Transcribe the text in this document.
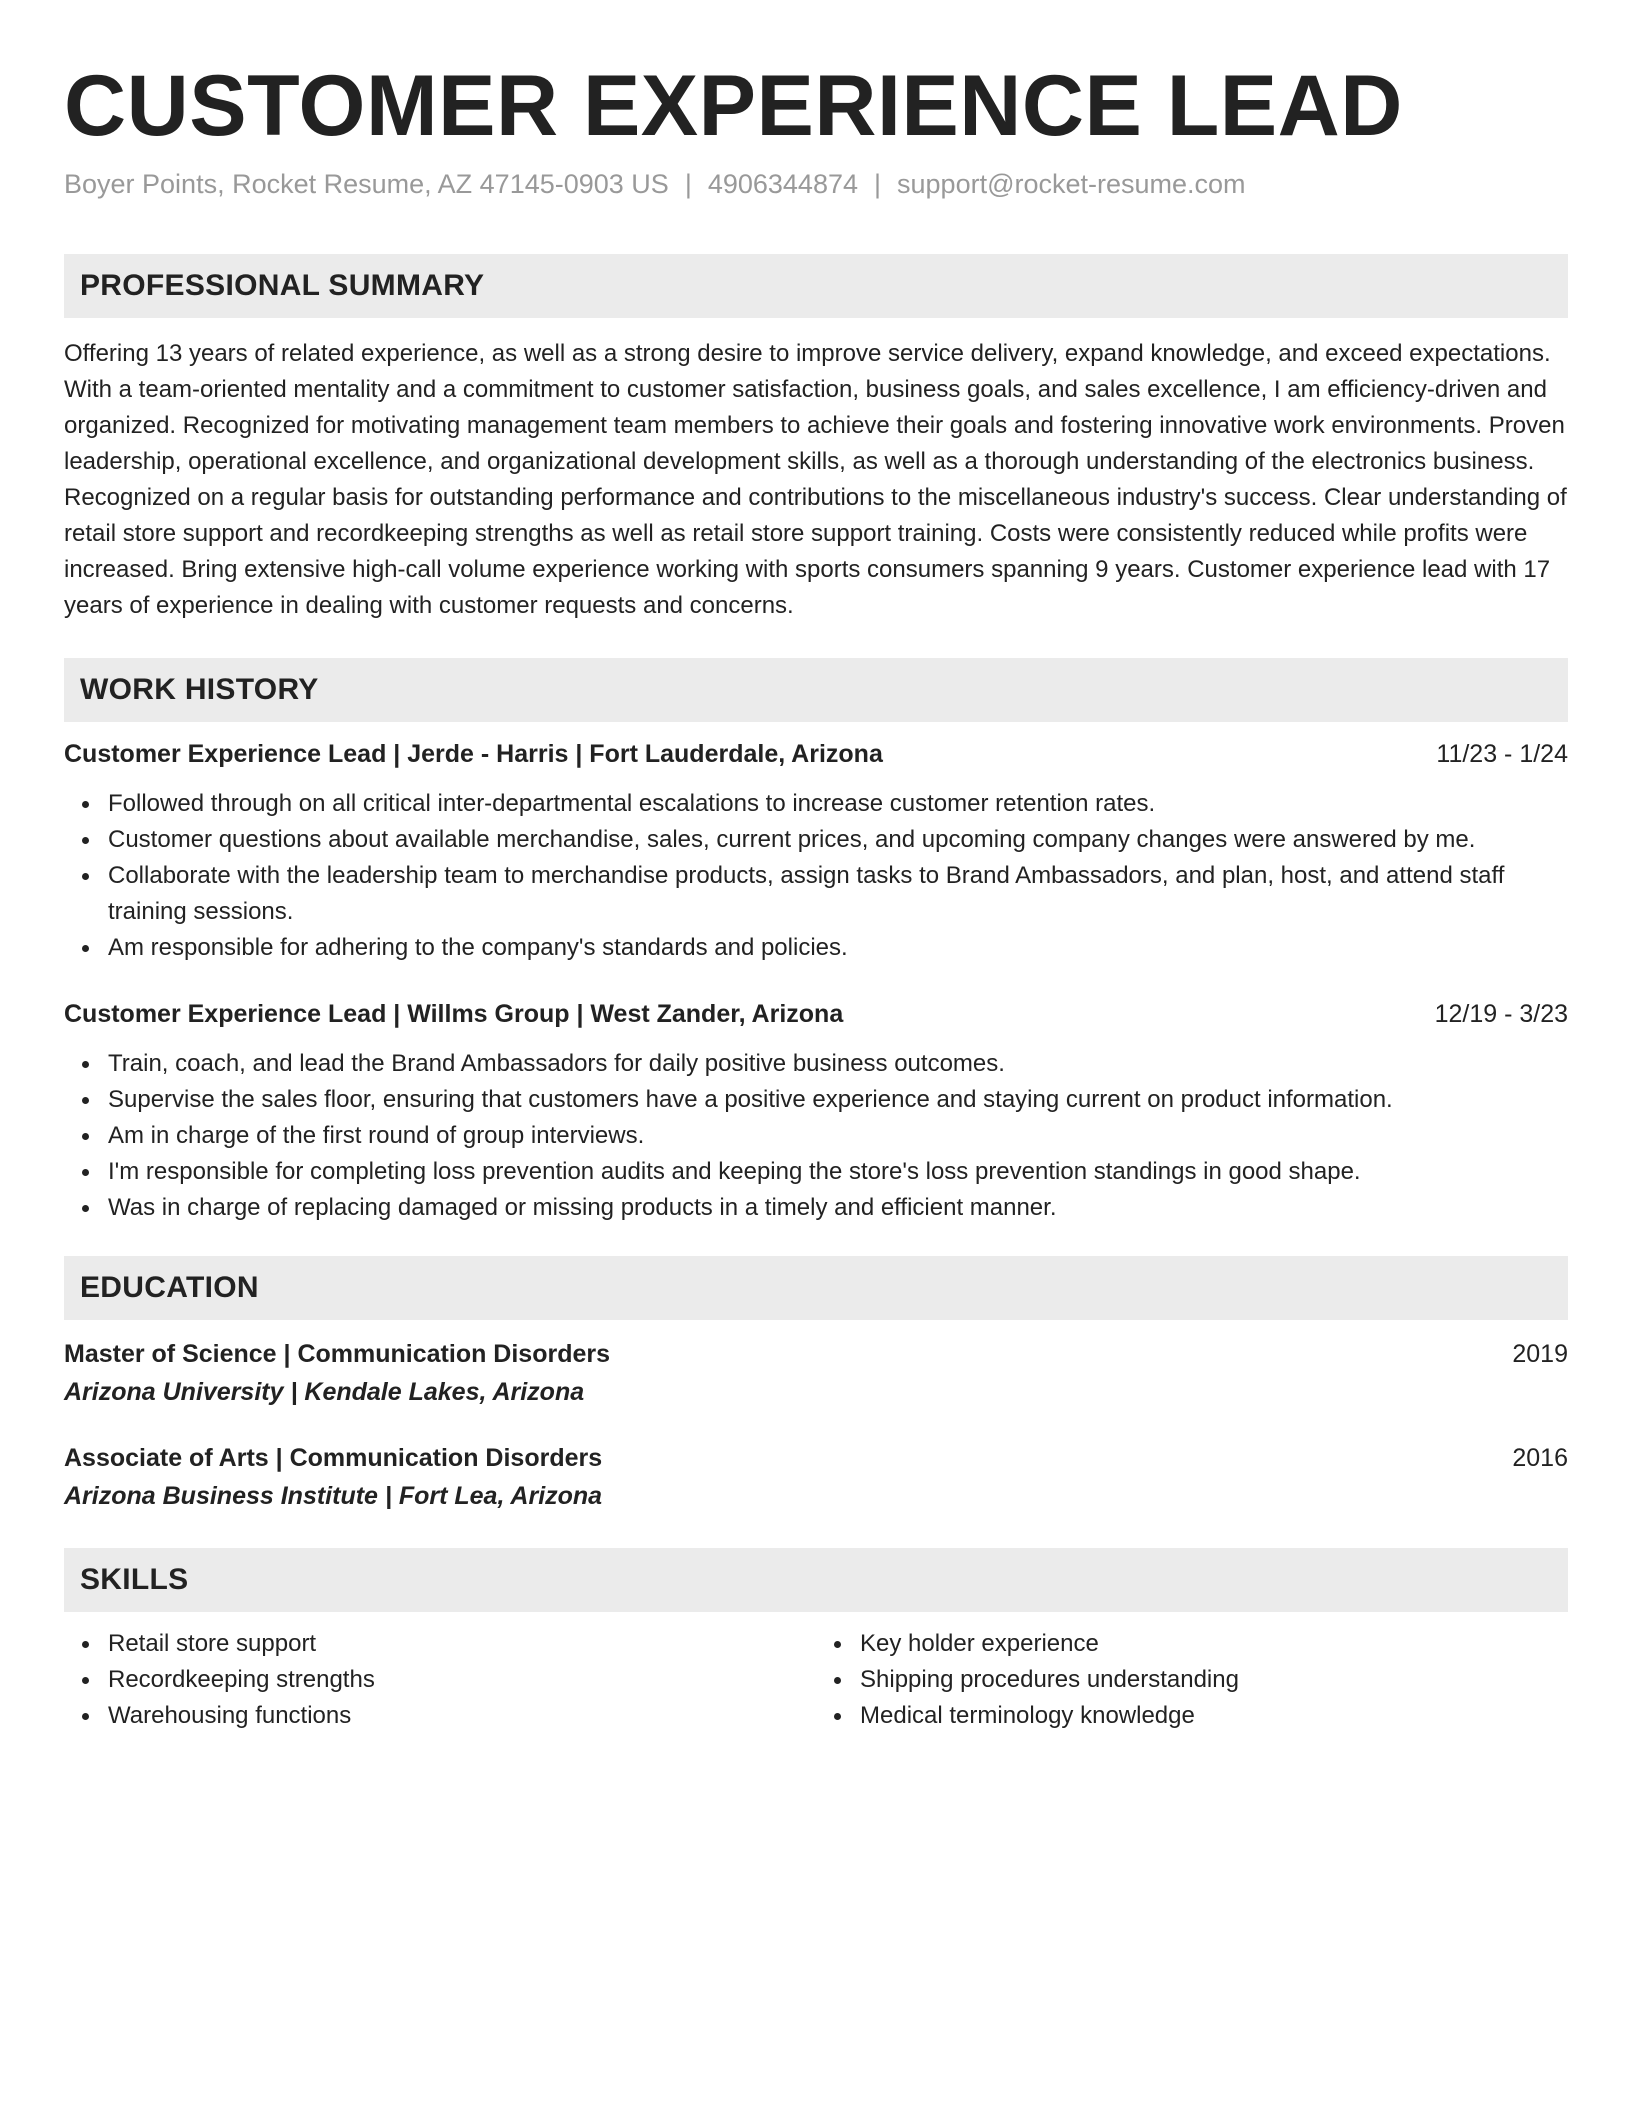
CUSTOMER EXPERIENCE LEAD
Boyer Points, Rocket Resume, AZ 47145-0903 US | 4906344874 | support@rocket-resume.com
PROFESSIONAL SUMMARY
Offering 13 years of related experience, as well as a strong desire to improve service delivery, expand knowledge, and exceed expectations. With a team-oriented mentality and a commitment to customer satisfaction, business goals, and sales excellence, I am efficiency-driven and organized. Recognized for motivating management team members to achieve their goals and fostering innovative work environments. Proven leadership, operational excellence, and organizational development skills, as well as a thorough understanding of the electronics business. Recognized on a regular basis for outstanding performance and contributions to the miscellaneous industry's success. Clear understanding of retail store support and recordkeeping strengths as well as retail store support training. Costs were consistently reduced while profits were increased. Bring extensive high-call volume experience working with sports consumers spanning 9 years. Customer experience lead with 17 years of experience in dealing with customer requests and concerns.
WORK HISTORY
Customer Experience Lead | Jerde - Harris | Fort Lauderdale, Arizona	11/23 - 1/24
Followed through on all critical inter-departmental escalations to increase customer retention rates.
Customer questions about available merchandise, sales, current prices, and upcoming company changes were answered by me.
Collaborate with the leadership team to merchandise products, assign tasks to Brand Ambassadors, and plan, host, and attend staff training sessions.
Am responsible for adhering to the company's standards and policies.
Customer Experience Lead | Willms Group | West Zander, Arizona	12/19 - 3/23
Train, coach, and lead the Brand Ambassadors for daily positive business outcomes.
Supervise the sales floor, ensuring that customers have a positive experience and staying current on product information.
Am in charge of the first round of group interviews.
I'm responsible for completing loss prevention audits and keeping the store's loss prevention standings in good shape.
Was in charge of replacing damaged or missing products in a timely and efficient manner.
EDUCATION
Master of Science | Communication Disorders	2019
Arizona University | Kendale Lakes, Arizona
Associate of Arts | Communication Disorders	2016
Arizona Business Institute | Fort Lea, Arizona
SKILLS
Retail store support
Recordkeeping strengths
Warehousing functions
Key holder experience
Shipping procedures understanding
Medical terminology knowledge
